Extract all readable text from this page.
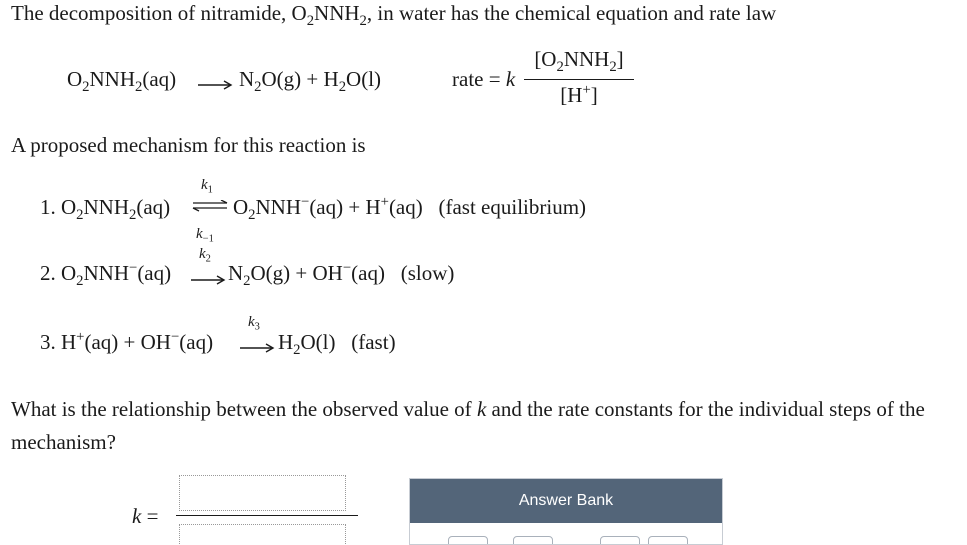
The decomposition of nitramide, $O_2NNH_2$, in water has the chemical equation and rate law
$O_2NNH_2(aq) \to N_2O(g) + H_2O(l)$	rate = k
$[O_2NNH_2]$
[H+]
A proposed mechanism for this reaction is
1. $O_2NNH_2(aq)$
$k_1$
$k_{-1}$
$O_2NNH^-(aq) + H^+(aq)$   (fast equilibrium)
2. $O_2NNH^-(aq)$
$k_2$
→ $N_2O(g) + OH^-(aq)$   (slow)
3. H+(aq) + OH−(aq)
$k_3$
→ $H_2O(l)$   (fast)
What is the relationship between the observed value of k and the rate constants for the individual steps of the mechanism?
k =
Answer Bank
